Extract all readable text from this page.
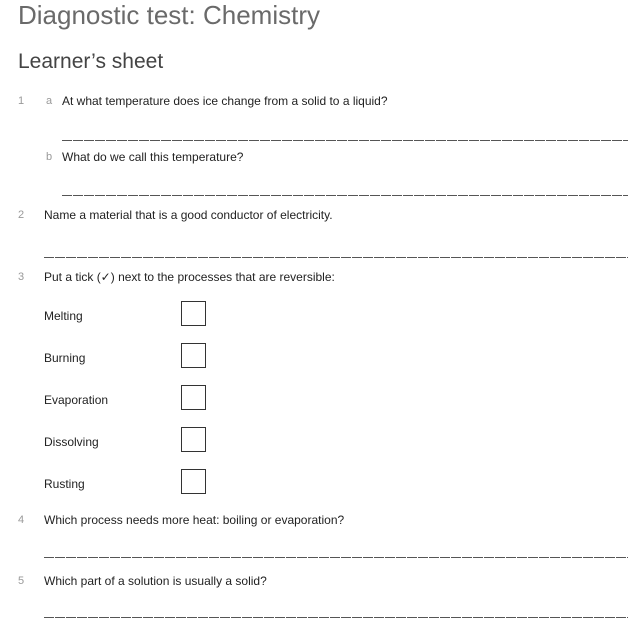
Diagnostic test: Chemistry
Learner’s sheet
1 a At what temperature does ice change from a solid to a liquid?
b What do we call this temperature?
2 Name a material that is a good conductor of electricity.
3 Put a tick (✓) next to the processes that are reversible:
Melting
Burning
Evaporation
Dissolving
Rusting
4 Which process needs more heat: boiling or evaporation?
5 Which part of a solution is usually a solid?
